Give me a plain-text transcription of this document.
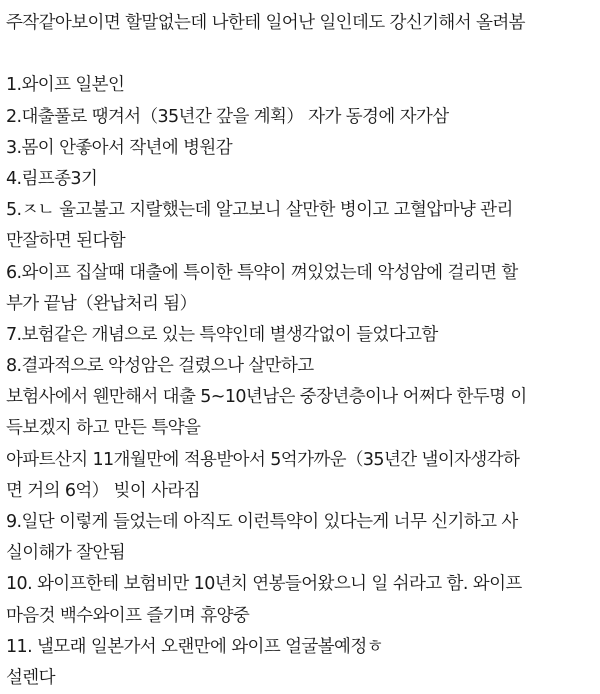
주작같아보이면 할말없는데 나한테 일어난 일인데도 강신기해서 올려봄
1.와이프 일본인
2.대출풀로 땡겨서（35년간 갚을 계획） 자가 동경에 자가삼
3.몸이 안좋아서 작년에 병원감
4.림프종3기
5.ㅈㄴ 울고불고 지랄했는데 알고보니 살만한 병이고 고혈압마냥 관리
만잘하면 된다함
6.와이프 집살때 대출에 특이한 특약이 껴있었는데 악성암에 걸리면 할
부가 끝남（완납처리 됨）
7.보험같은 개념으로 있는 특약인데 별생각없이 들었다고함
8.결과적으로 악성암은 걸렸으나 살만하고
보험사에서 웬만해서 대출 5~10년남은 중장년층이나 어쩌다 한두명 이
득보겠지 하고 만든 특약을
아파트산지 11개월만에 적용받아서 5억가까운（35년간 낼이자생각하
면 거의 6억） 빚이 사라짐
9.일단 이렇게 들었는데 아직도 이런특약이 있다는게 너무 신기하고 사
실이해가 잘안됨
10. 와이프한테 보험비만 10년치 연봉들어왔으니 일 쉬라고 함. 와이프
마음것 백수와이프 즐기며 휴양중
11. 낼모래 일본가서 오랜만에 와이프 얼굴볼예정ㅎ
설렌다
